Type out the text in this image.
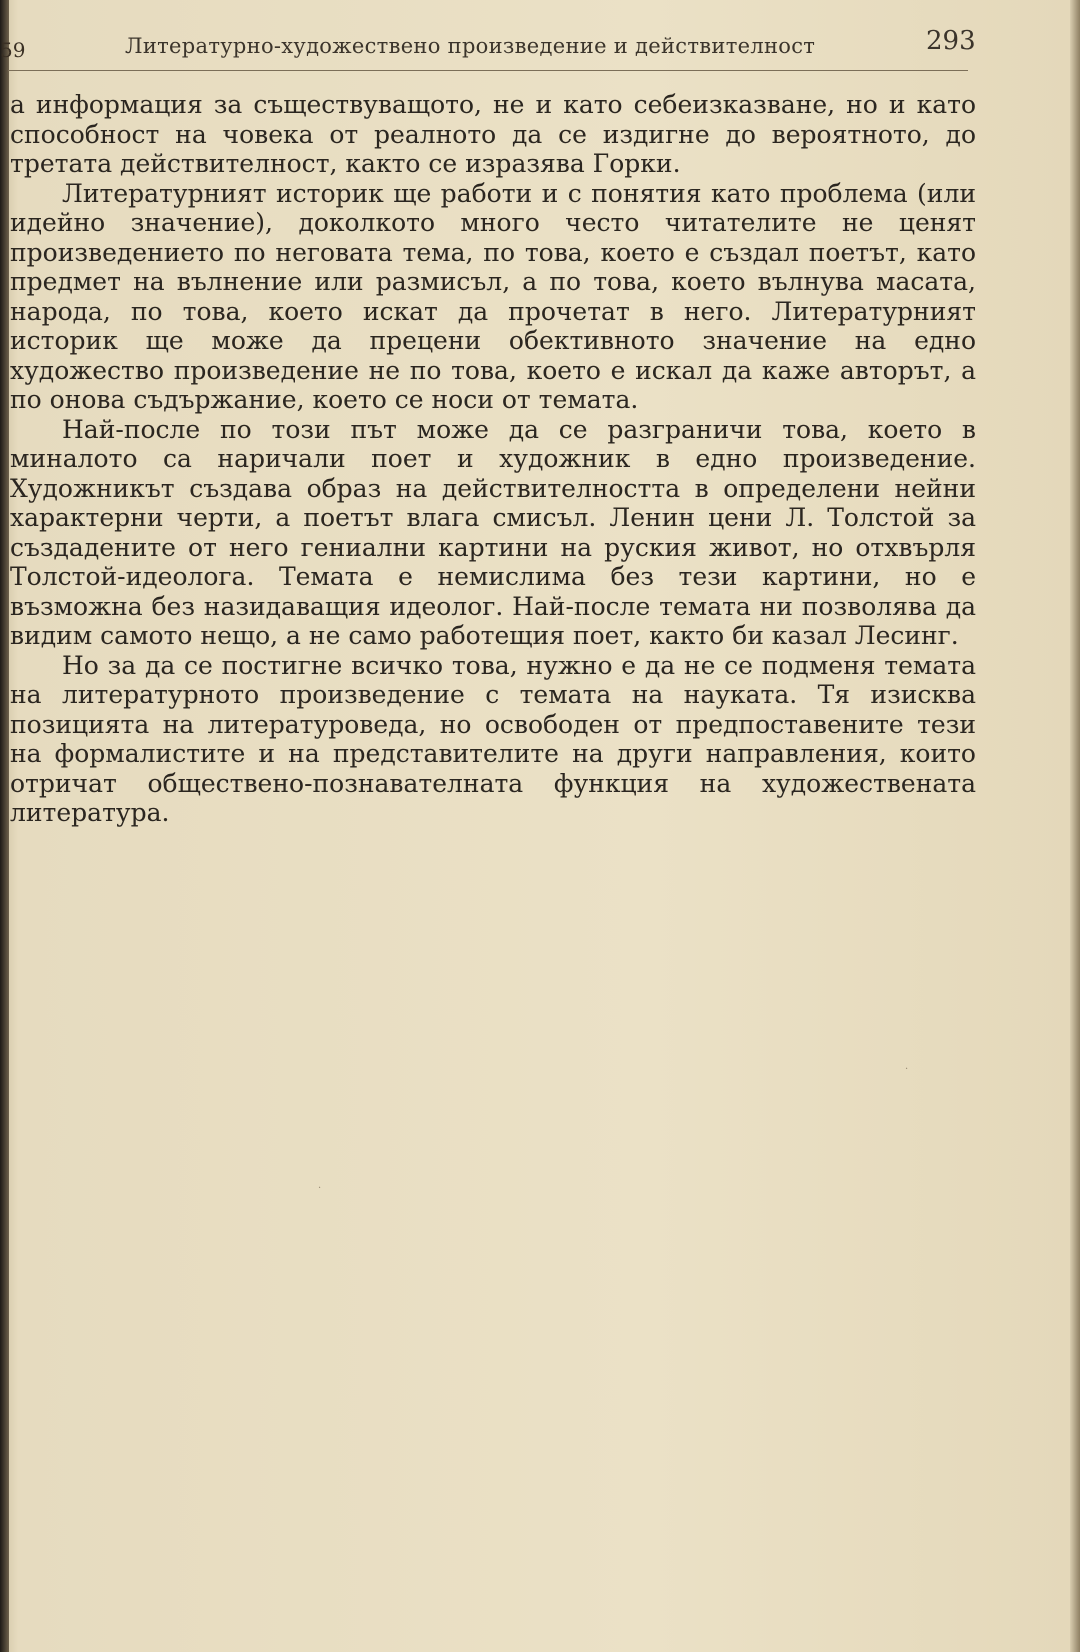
59	Литературно-художествено произведение и действителност	293

а информация за съществуващото, не и като себеизказване, но и като способност на човека от реалното да се издигне до вероятното, до третата действителност, както се изразява Горки.

Литературният историк ще работи и с понятия като проблема (или идейно значение), доколкото много често читателите не ценят произведението по неговата тема, по това, което е създал поетът, като предмет на вълнение или размисъл, а по това, което вълнува масата, народа, по това, което искат да прочетат в него. Литературният историк ще може да прецени обективното значение на едно художество произведение не по това, което е искал да каже авторът, а по онова съдържание, което се носи от темата.

Най-после по този път може да се разграничи това, което в миналото са наричали поет и художник в едно произведение. Художникът създава образ на действителността в определени нейни характерни черти, а поетът влага смисъл. Ленин цени Л. Толстой за създадените от него гениални картини на руския живот, но отхвърля Толстой-идеолога. Темата е немислима без тези картини, но е възможна без назидаващия идеолог. Най-после темата ни позволява да видим самото нещо, а не само работещия поет, както би казал Лесинг.

Но за да се постигне всичко това, нужно е да не се подменя темата на литературното произведение с темата на науката. Тя изисква позицията на литературоведа, но освободен от предпоставените тези на формалистите и на представителите на други направления, които отричат обществено-познавателната функция на художествената литература.

·
·
